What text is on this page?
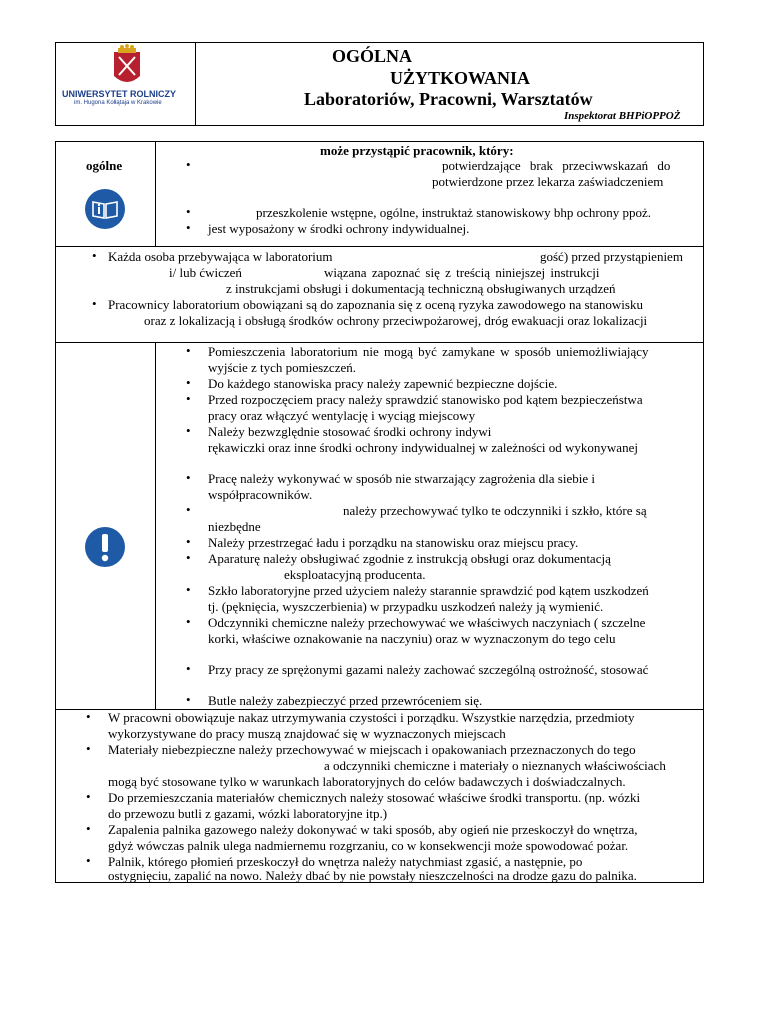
UNIWERSYTET ROLNICZY
im. Hugona Kołłątaja w Krakowie
OGÓLNA
UŻYTKOWANIA
Laboratoriów, Pracowni, Warsztatów
Inspektorat BHPiOPPOŻ
ogólne
może przystąpić pracownik, który:
•	potwierdzające brak przeciwwskazań do
potwierdzone przez lekarza zaświadczeniem
•	przeszkolenie wstępne, ogólne, instruktaż stanowiskowy bhp ochrony ppoż.
• jest wyposażony w środki ochrony indywidualnej.
• Każda osoba przebywająca w laboratorium	gość) przed przystąpieniem
i/ lub ćwiczeń	wiązana zapoznać się z treścią niniejszej instrukcji
z instrukcjami obsługi i dokumentacją techniczną obsługiwanych urządzeń
• Pracownicy laboratorium obowiązani są do zapoznania się z oceną ryzyka zawodowego na stanowisku
oraz z lokalizacją i obsługą środków ochrony przeciwpożarowej, dróg ewakuacji oraz lokalizacji
• Pomieszczenia laboratorium nie mogą być zamykane w sposób uniemożliwiający
wyjście z tych pomieszczeń.
• Do każdego stanowiska pracy należy zapewnić bezpieczne dojście.
• Przed rozpoczęciem pracy należy sprawdzić stanowisko pod kątem bezpieczeństwa
pracy oraz włączyć wentylację i wyciąg miejscowy
• Należy bezwzględnie stosować środki ochrony indywi
rękawiczki oraz inne środki ochrony indywidualnej w zależności od wykonywanej
• Pracę należy wykonywać w sposób nie stwarzający zagrożenia dla siebie i
współpracowników.
•	należy przechowywać tylko te odczynniki i szkło, które są
niezbędne
• Należy przestrzegać ładu i porządku na stanowisku oraz miejscu pracy.
• Aparaturę należy obsługiwać zgodnie z instrukcją obsługi oraz dokumentacją
eksploatacyjną producenta.
• Szkło laboratoryjne przed użyciem należy starannie sprawdzić pod kątem uszkodzeń
tj. (pęknięcia, wyszczerbienia) w przypadku uszkodzeń należy ją wymienić.
• Odczynniki chemiczne należy przechowywać we właściwych naczyniach ( szczelne
korki, właściwe oznakowanie na naczyniu) oraz w wyznaczonym do tego celu
• Przy pracy ze sprężonymi gazami należy zachować szczególną ostrożność, stosować
• Butle należy zabezpieczyć przed przewróceniem się.
• W pracowni obowiązuje nakaz utrzymywania czystości i porządku. Wszystkie narzędzia, przedmioty
wykorzystywane do pracy muszą znajdować się w wyznaczonych miejscach
• Materiały niebezpieczne należy przechowywać w miejscach i opakowaniach przeznaczonych do tego
a odczynniki chemiczne i materiały o nieznanych właściwościach
mogą być stosowane tylko w warunkach laboratoryjnych do celów badawczych i doświadczalnych.
• Do przemieszczania materiałów chemicznych należy stosować właściwe środki transportu. (np. wózki
do przewozu butli z gazami, wózki laboratoryjne itp.)
• Zapalenia palnika gazowego należy dokonywać w taki sposób, aby ogień nie przeskoczył do wnętrza,
gdyż wówczas palnik ulega nadmiernemu rozgrzaniu, co w konsekwencji może spowodować pożar.
• Palnik, którego płomień przeskoczył do wnętrza należy natychmiast zgasić, a następnie, po
ostygnięciu, zapalić na nowo. Należy dbać by nie powstały nieszczelności na drodze gazu do palnika.
